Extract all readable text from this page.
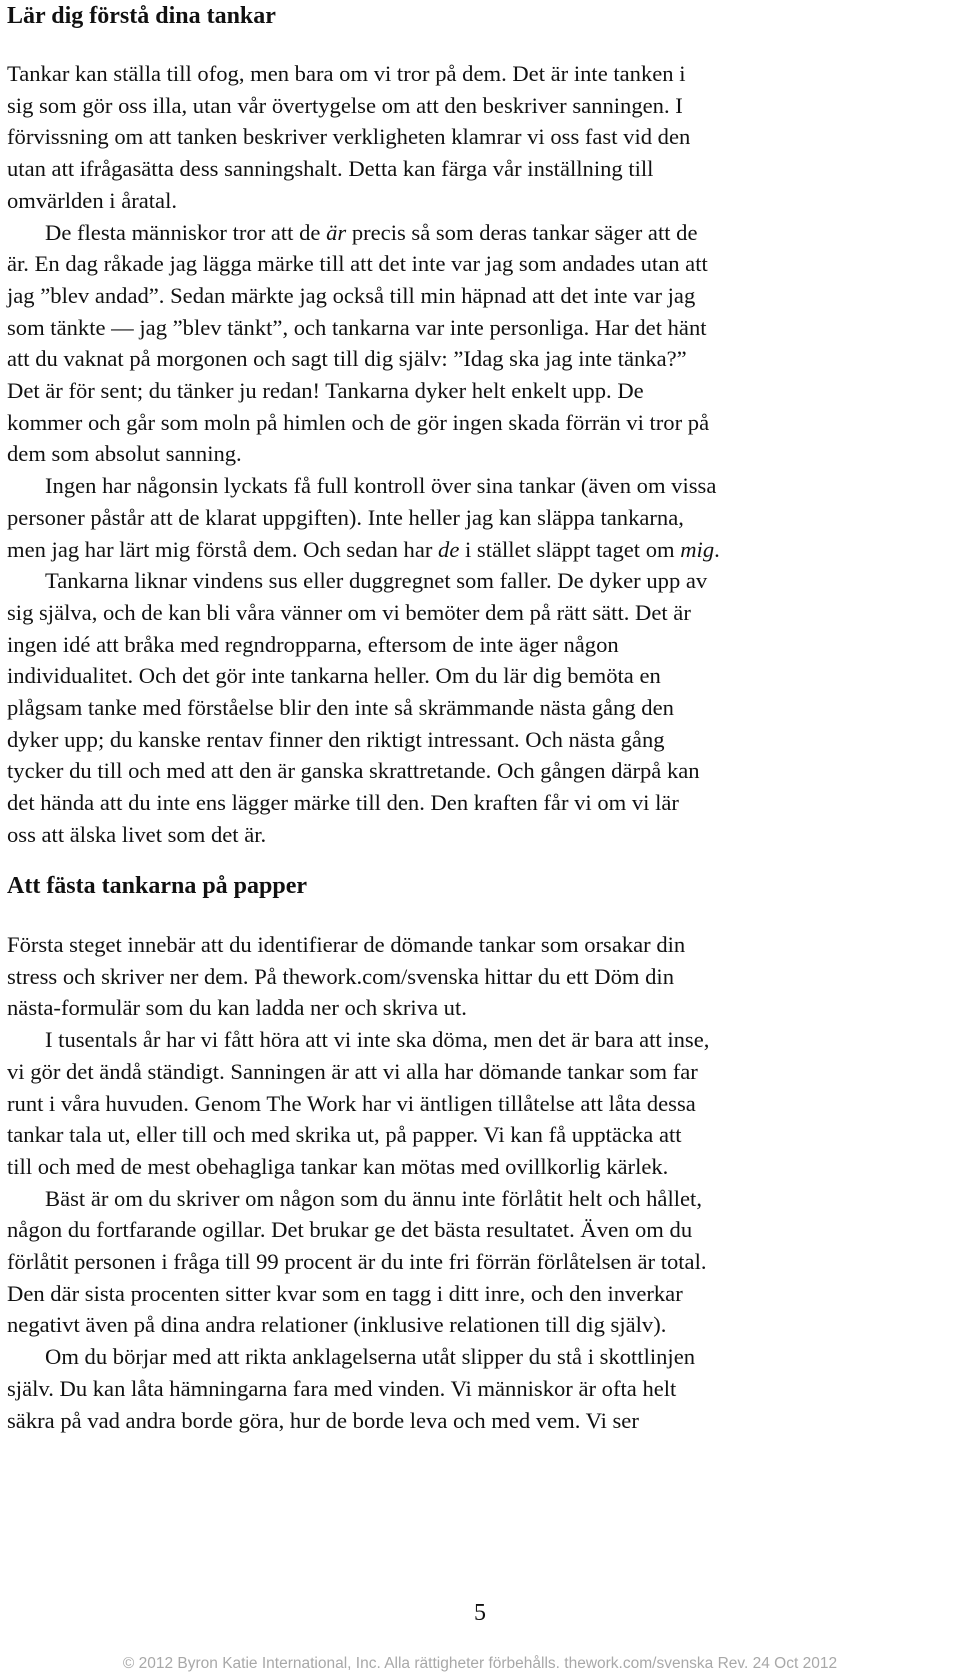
Lär dig förstå dina tankar
Tankar kan ställa till ofog, men bara om vi tror på dem. Det är inte tanken i
sig som gör oss illa, utan vår övertygelse om att den beskriver sanningen. I
förvissning om att tanken beskriver verkligheten klamrar vi oss fast vid den
utan att ifrågasätta dess sanningshalt. Detta kan färga vår inställning till
omvärlden i åratal.
De flesta människor tror att de är precis så som deras tankar säger att de
är. En dag råkade jag lägga märke till att det inte var jag som andades utan att
jag ”blev andad”. Sedan märkte jag också till min häpnad att det inte var jag
som tänkte — jag ”blev tänkt”, och tankarna var inte personliga. Har det hänt
att du vaknat på morgonen och sagt till dig själv: ”Idag ska jag inte tänka?”
Det är för sent; du tänker ju redan! Tankarna dyker helt enkelt upp. De
kommer och går som moln på himlen och de gör ingen skada förrän vi tror på
dem som absolut sanning.
Ingen har någonsin lyckats få full kontroll över sina tankar (även om vissa
personer påstår att de klarat uppgiften). Inte heller jag kan släppa tankarna,
men jag har lärt mig förstå dem. Och sedan har de i stället släppt taget om mig.
Tankarna liknar vindens sus eller duggregnet som faller. De dyker upp av
sig själva, och de kan bli våra vänner om vi bemöter dem på rätt sätt. Det är
ingen idé att bråka med regndropparna, eftersom de inte äger någon
individualitet. Och det gör inte tankarna heller. Om du lär dig bemöta en
plågsam tanke med förståelse blir den inte så skrämmande nästa gång den
dyker upp; du kanske rentav finner den riktigt intressant. Och nästa gång
tycker du till och med att den är ganska skrattretande. Och gången därpå kan
det hända att du inte ens lägger märke till den. Den kraften får vi om vi lär
oss att älska livet som det är.
Att fästa tankarna på papper
Första steget innebär att du identifierar de dömande tankar som orsakar din
stress och skriver ner dem. På thework.com/svenska hittar du ett Döm din
nästa-formulär som du kan ladda ner och skriva ut.
I tusentals år har vi fått höra att vi inte ska döma, men det är bara att inse,
vi gör det ändå ständigt. Sanningen är att vi alla har dömande tankar som far
runt i våra huvuden. Genom The Work har vi äntligen tillåtelse att låta dessa
tankar tala ut, eller till och med skrika ut, på papper. Vi kan få upptäcka att
till och med de mest obehagliga tankar kan mötas med ovillkorlig kärlek.
Bäst är om du skriver om någon som du ännu inte förlåtit helt och hållet,
någon du fortfarande ogillar. Det brukar ge det bästa resultatet. Även om du
förlåtit personen i fråga till 99 procent är du inte fri förrän förlåtelsen är total.
Den där sista procenten sitter kvar som en tagg i ditt inre, och den inverkar
negativt även på dina andra relationer (inklusive relationen till dig själv).
Om du börjar med att rikta anklagelserna utåt slipper du stå i skottlinjen
själv. Du kan låta hämningarna fara med vinden. Vi människor är ofta helt
säkra på vad andra borde göra, hur de borde leva och med vem. Vi ser
5
© 2012 Byron Katie International, Inc. Alla rättigheter förbehålls. thework.com/svenska Rev. 24 Oct 2012
